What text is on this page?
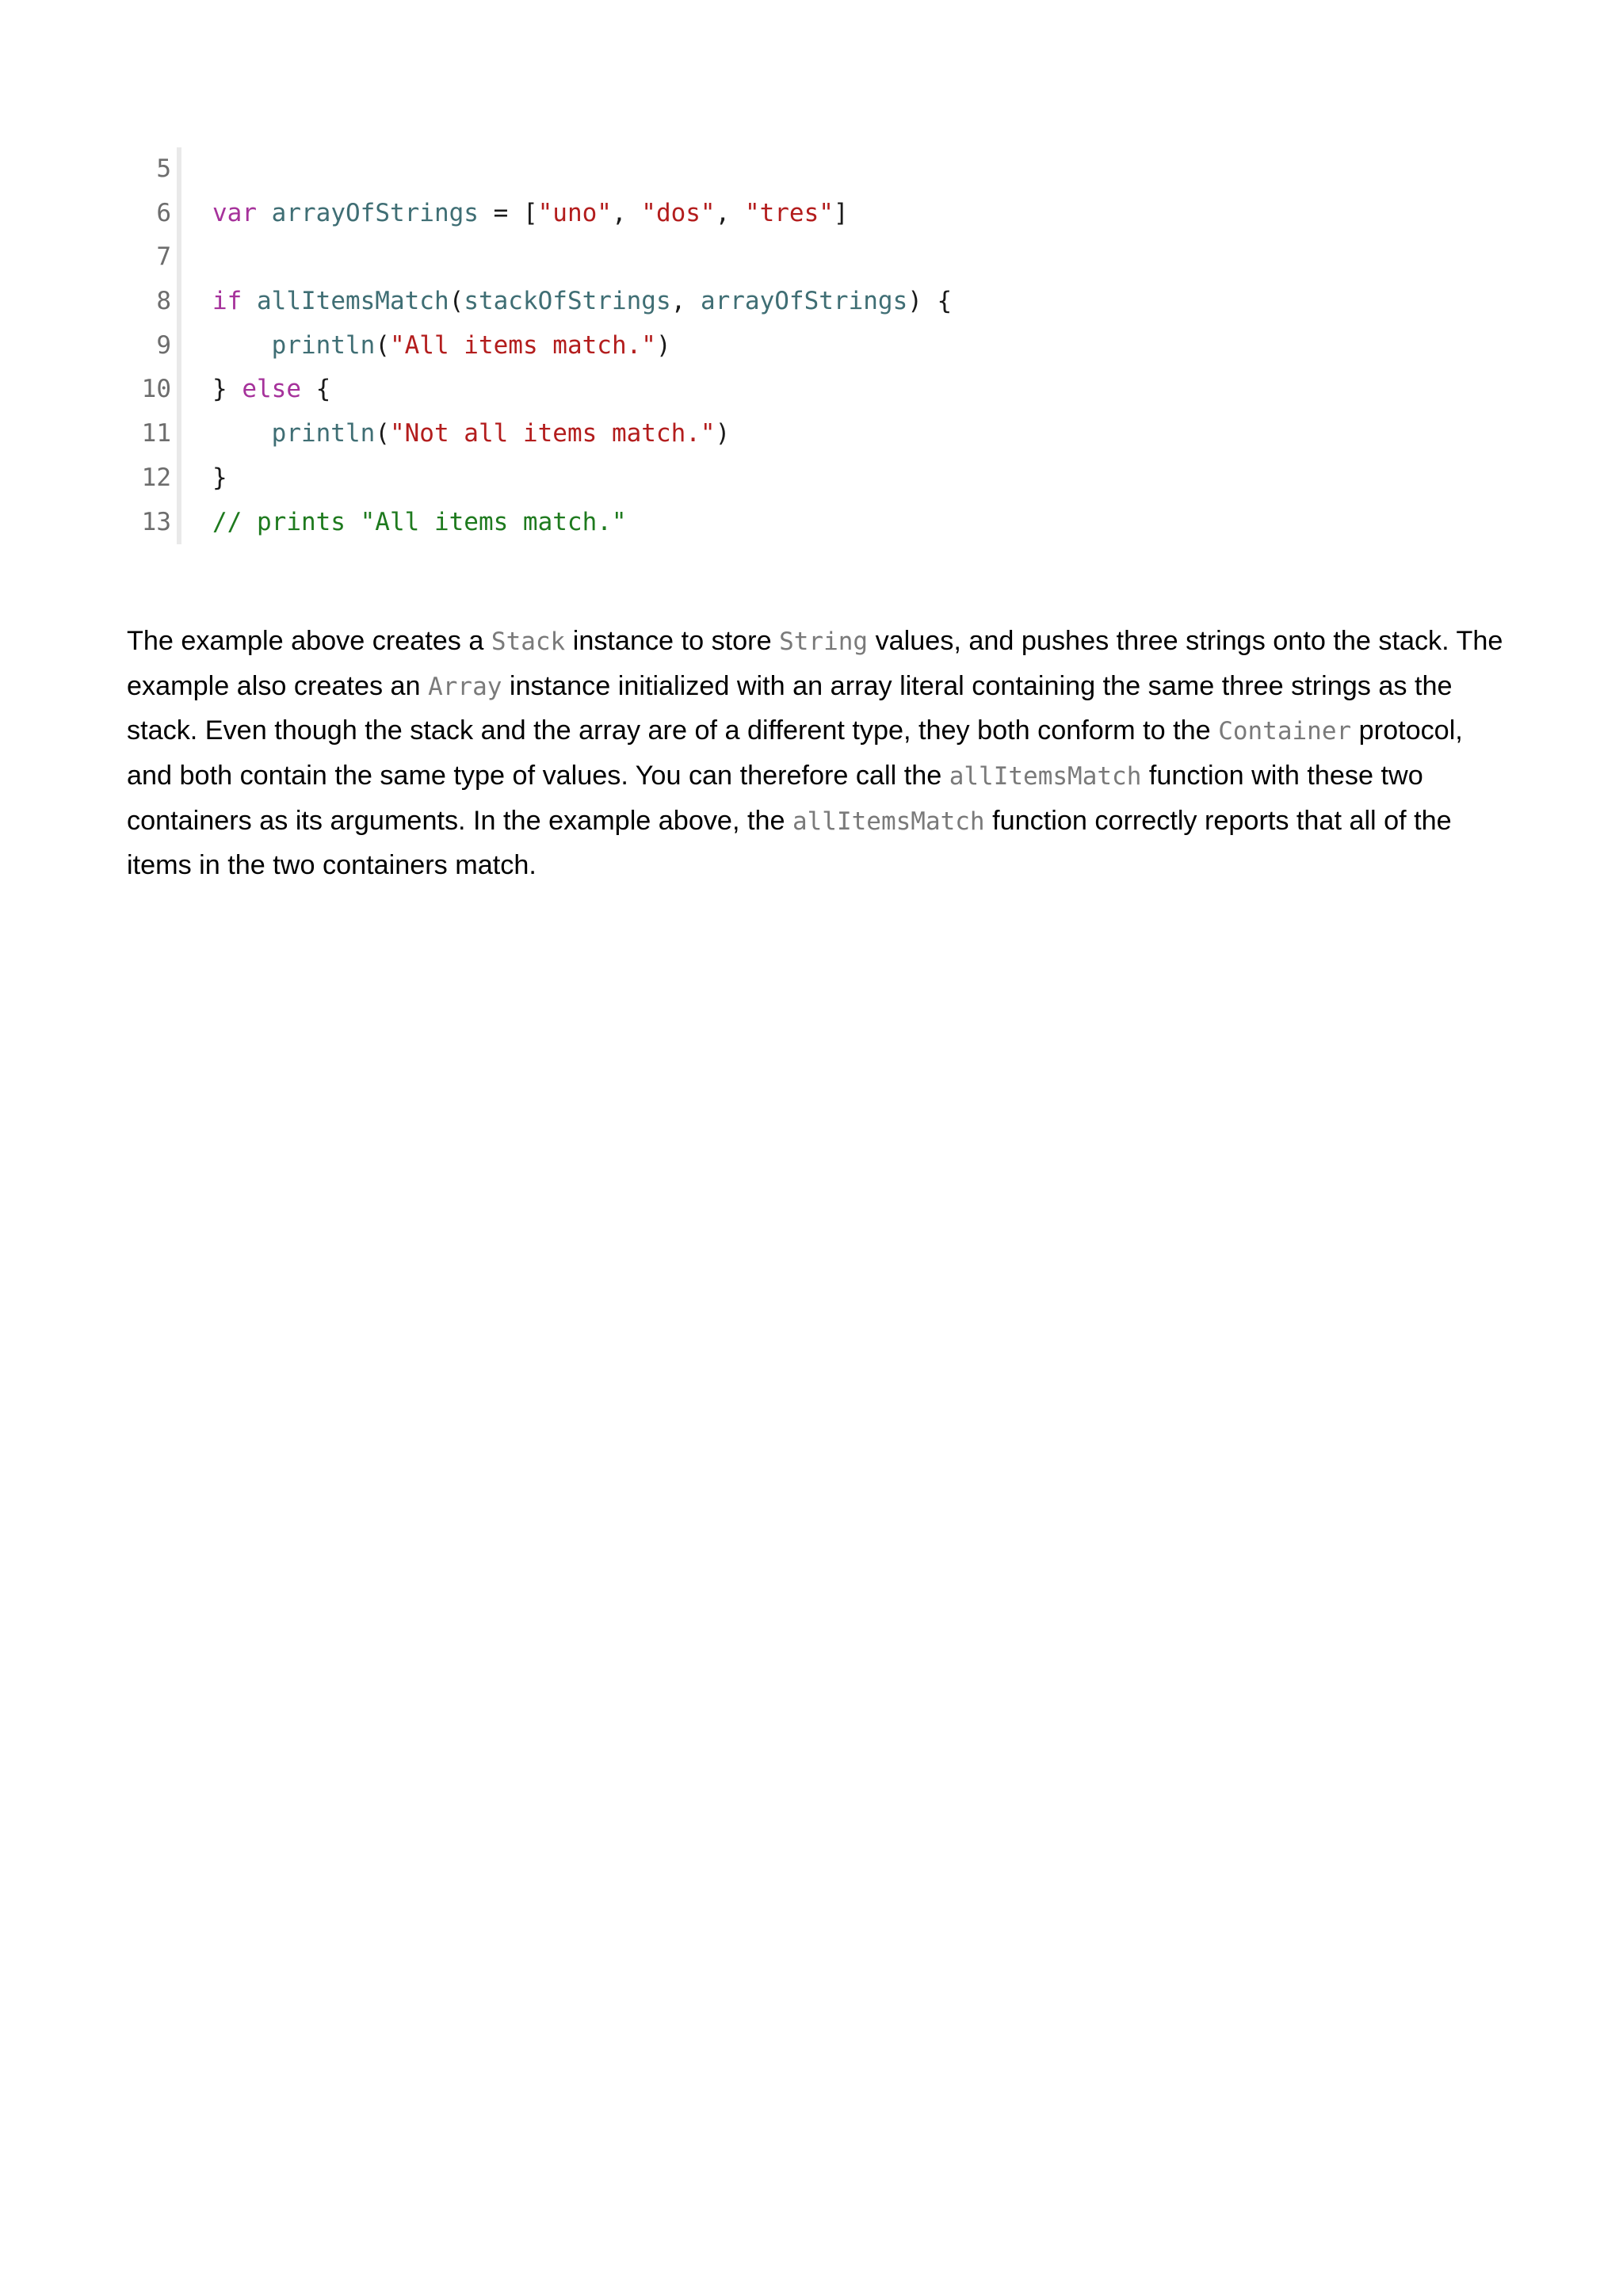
5
6 var arrayOfStrings = ["uno", "dos", "tres"]
7
8 if allItemsMatch(stackOfStrings, arrayOfStrings) {
9	println("All items match.")
10 } else {
11	println("Not all items match.")
12 }
13 // prints "All items match."

The example above creates a Stack instance to store String values, and pushes three strings onto the stack. The example also creates an Array instance initialized with an array literal containing the same three strings as the stack. Even though the stack and the array are of a different type, they both conform to the Container protocol, and both contain the same type of values. You can therefore call the allItemsMatch function with these two containers as its arguments. In the example above, the allItemsMatch function correctly reports that all of the items in the two containers match.
